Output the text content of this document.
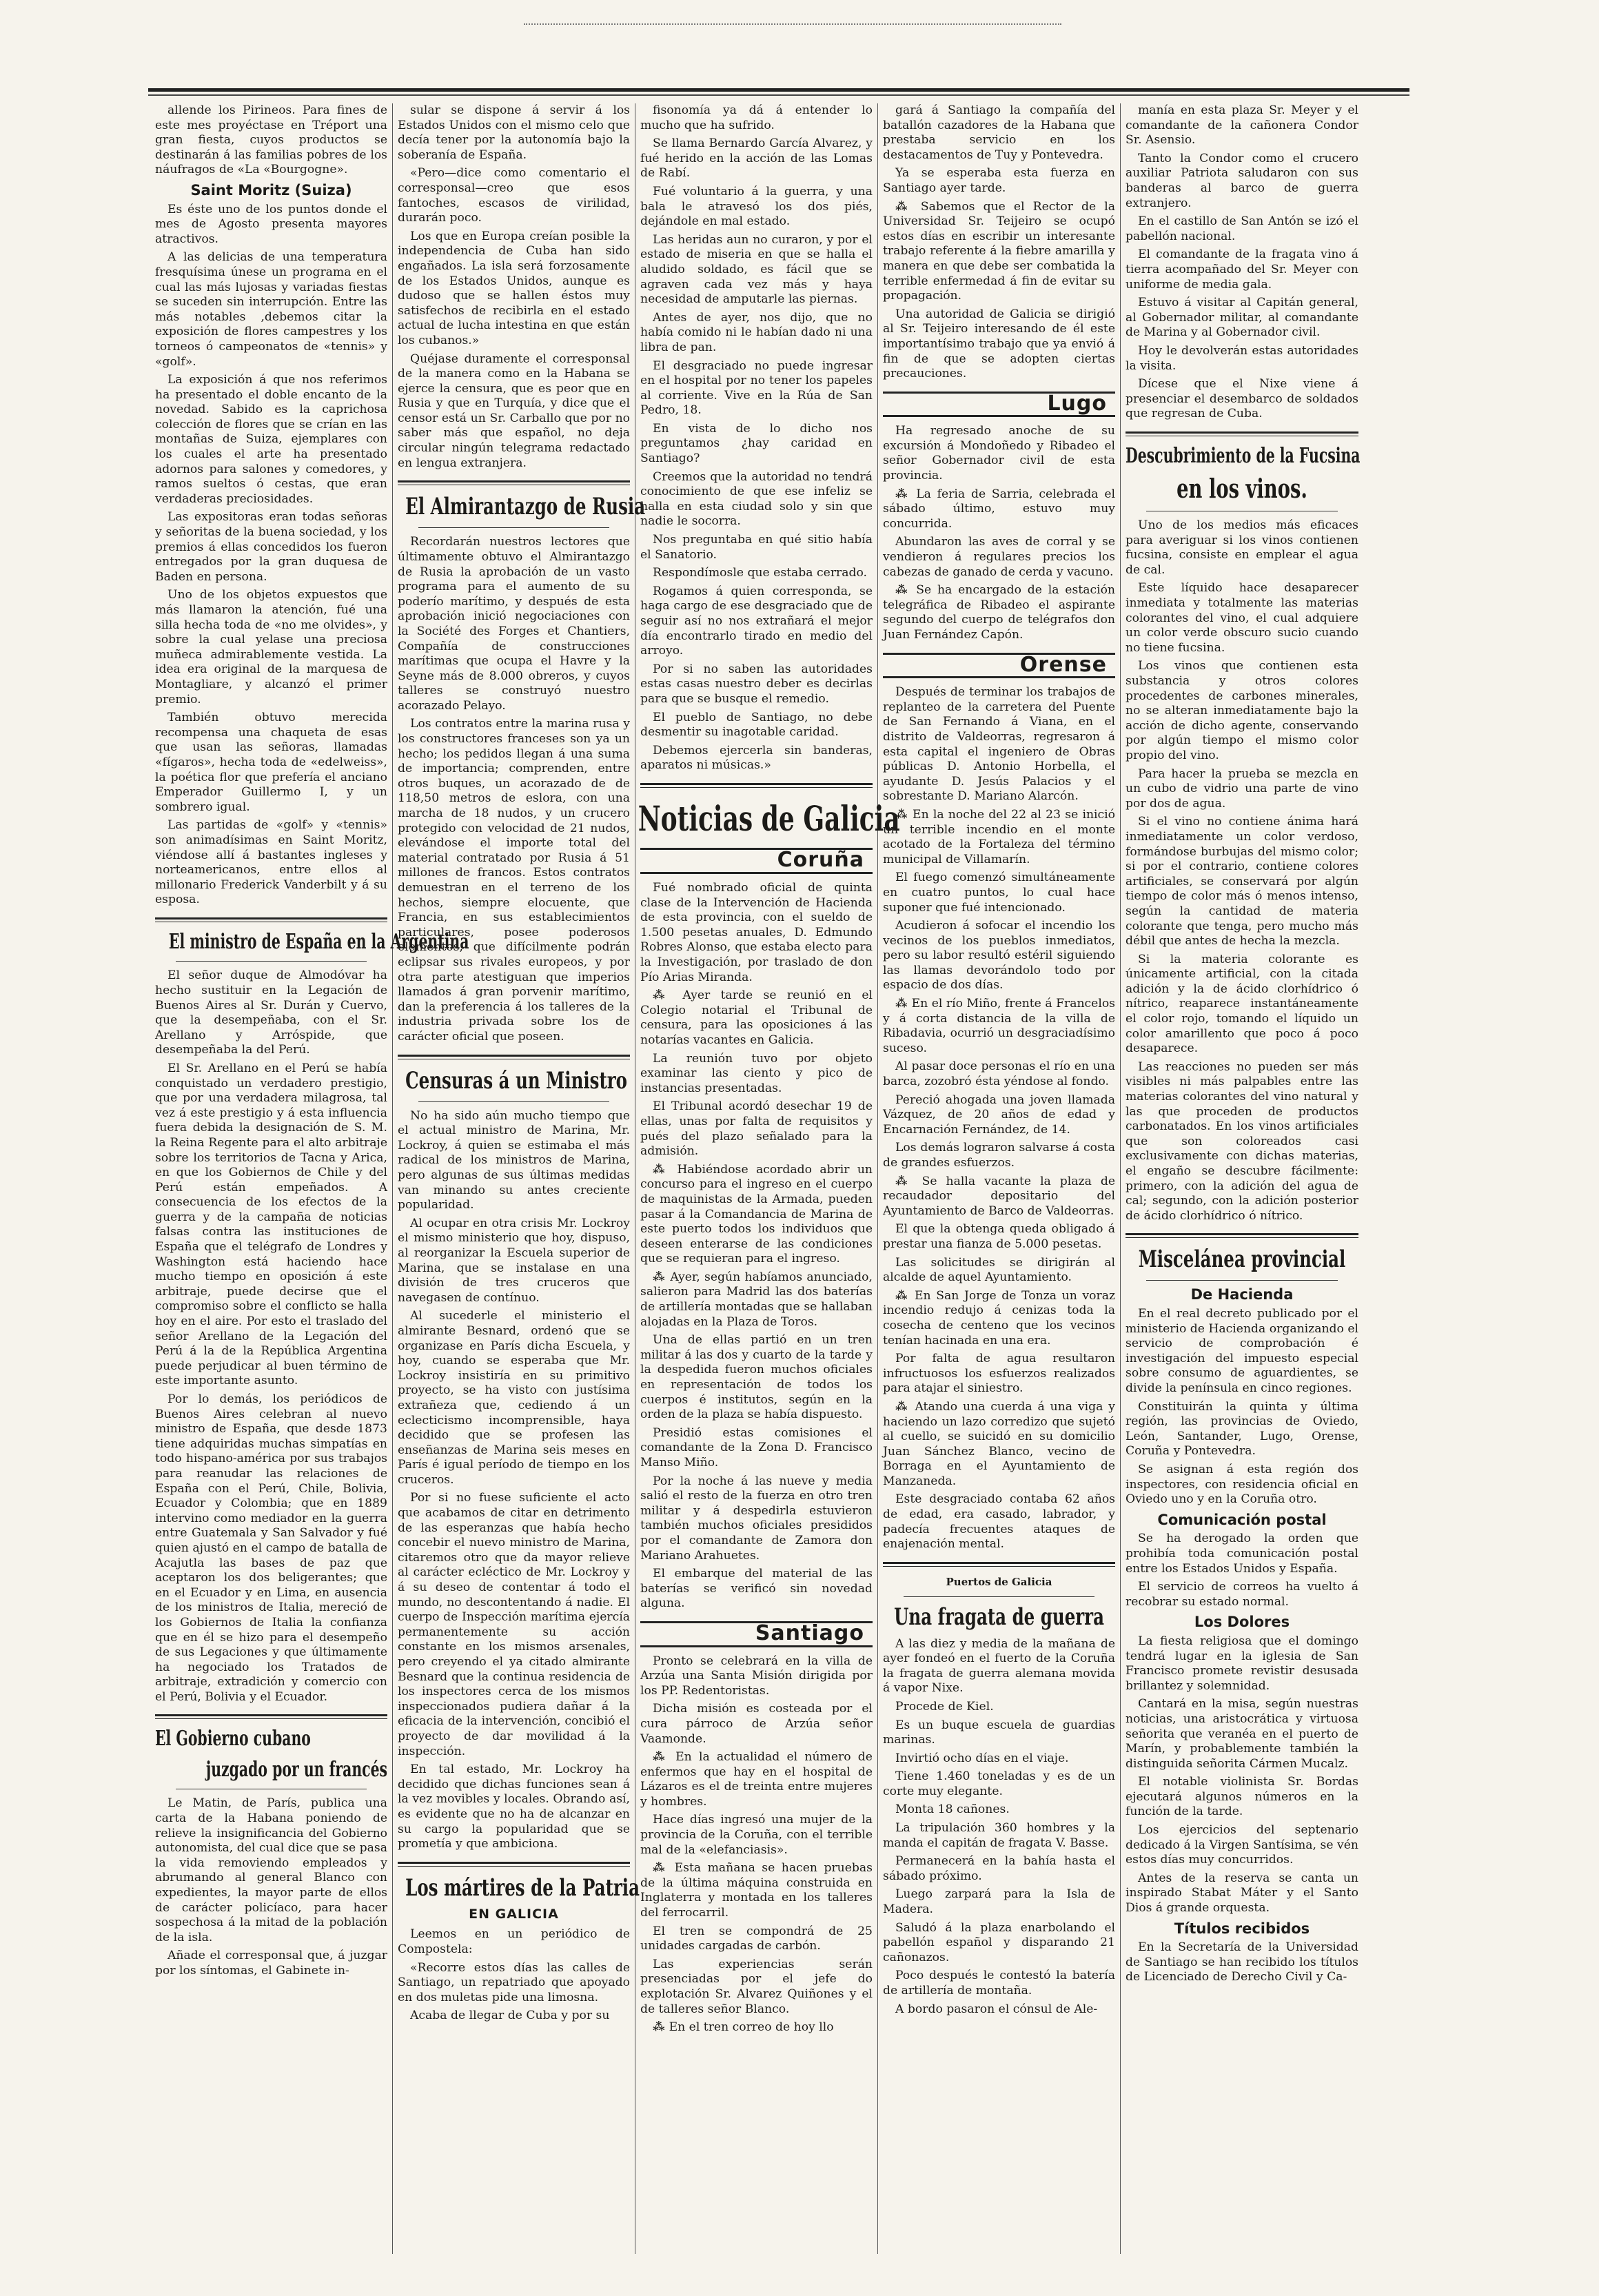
allende los Pirineos. Para fines de este mes proyéctase en Tréport una gran fiesta, cuyos productos se destinarán á las familias pobres de los náufragos de «La «Bourgogne».

Saint Moritz (Suiza)

Es éste uno de los puntos donde el mes de Agosto presenta mayores atractivos.

A las delicias de una temperatura fresquísima únese un programa en el cual las más lujosas y variadas fiestas se suceden sin interrupción. Entre las más notables ,debemos citar la exposición de flores campestres y los torneos ó campeonatos de «tennis» y «golf».

La exposición á que nos referimos ha presentado el doble encanto de la novedad. Sabido es la caprichosa colección de flores que se crían en las montañas de Suiza, ejemplares con los cuales el arte ha presentado adornos para salones y comedores, y ramos sueltos ó cestas, que eran verdaderas preciosidades.

Las expositoras eran todas señoras y señoritas de la buena sociedad, y los premios á ellas concedidos los fueron entregados por la gran duquesa de Baden en persona.

Uno de los objetos expuestos que más llamaron la atención, fué una silla hecha toda de «no me olvides», y sobre la cual yelase una preciosa muñeca admirablemente vestida. La idea era original de la marquesa de Montagliare, y alcanzó el primer premio.

También obtuvo merecida recompensa una chaqueta de esas que usan las señoras, llamadas «fígaros», hecha toda de «edelweiss», la poética flor que prefería el anciano Emperador Guillermo I, y un sombrero igual.

Las partidas de «golf» y «tennis» son animadísimas en Saint Moritz, viéndose allí á bastantes ingleses y norteamericanos, entre ellos al millonario Frederick Vanderbilt y á su esposa.

El ministro de España en la Argentina

El señor duque de Almodóvar ha hecho sustituir en la Legación de Buenos Aires al Sr. Durán y Cuervo, que la desempeñaba, con el Sr. Arellano y Arróspide, que desempeñaba la del Perú.

El Sr. Arellano en el Perú se había conquistado un verdadero prestigio, que por una verdadera milagrosa, tal vez á este prestigio y á esta influencia fuera debida la designación de S. M. la Reina Regente para el alto arbitraje sobre los territorios de Tacna y Arica, en que los Gobiernos de Chile y del Perú están empeñados. A consecuencia de los efectos de la guerra y de la campaña de noticias falsas contra las instituciones de España que el telégrafo de Londres y Washington está haciendo hace mucho tiempo en oposición á este arbitraje, puede decirse que el compromiso sobre el conflicto se halla hoy en el aire. Por esto el traslado del señor Arellano de la Legación del Perú á la de la República Argentina puede perjudicar al buen término de este importante asunto.

Por lo demás, los periódicos de Buenos Aires celebran al nuevo ministro de España, que desde 1873 tiene adquiridas muchas simpatías en todo hispano-américa por sus trabajos para reanudar las relaciones de España con el Perú, Chile, Bolivia, Ecuador y Colombia; que en 1889 intervino como mediador en la guerra entre Guatemala y San Salvador y fué quien ajustó en el campo de batalla de Acajutla las bases de paz que aceptaron los dos beligerantes; que en el Ecuador y en Lima, en ausencia de los ministros de Italia, mereció de los Gobiernos de Italia la confianza que en él se hizo para el desempeño de sus Legaciones y que últimamente ha negociado los Tratados de arbitraje, extradición y comercio con el Perú, Bolivia y el Ecuador.

El Gobierno cubano
juzgado por un francés

Le Matin, de París, publica una carta de la Habana poniendo de relieve la insignificancia del Gobierno autonomista, del cual dice que se pasa la vida removiendo empleados y abrumando al general Blanco con expedientes, la mayor parte de ellos de carácter policíaco, para hacer sospechosa á la mitad de la población de la isla.

Añade el corresponsal que, á juzgar por los síntomas, el Gabinete in-

sular se dispone á servir á los Estados Unidos con el mismo celo que decía tener por la autonomía bajo la soberanía de España.

«Pero—dice como comentario el corresponsal—creo que esos fantoches, escasos de virilidad, durarán poco.

Los que en Europa creían posible la independencia de Cuba han sido engañados. La isla será forzosamente de los Estados Unidos, aunque es dudoso que se hallen éstos muy satisfechos de recibirla en el estado actual de lucha intestina en que están los cubanos.»

Quéjase duramente el corresponsal de la manera como en la Habana se ejerce la censura, que es peor que en Rusia y que en Turquía, y dice que el censor está un Sr. Carballo que por no saber más que español, no deja circular ningún telegrama redactado en lengua extranjera.

El Almirantazgo de Rusia

Recordarán nuestros lectores que últimamente obtuvo el Almirantazgo de Rusia la aprobación de un vasto programa para el aumento de su poderío marítimo, y después de esta aprobación inició negociaciones con la Société des Forges et Chantiers, Compañía de construcciones marítimas que ocupa el Havre y la Seyne más de 8.000 obreros, y cuyos talleres se construyó nuestro acorazado Pelayo.

Los contratos entre la marina rusa y los constructores franceses son ya un hecho; los pedidos llegan á una suma de importancia; comprenden, entre otros buques, un acorazado de de 118,50 metros de eslora, con una marcha de 18 nudos, y un crucero protegido con velocidad de 21 nudos, elevándose el importe total del material contratado por Rusia á 51 millones de francos. Estos contratos demuestran en el terreno de los hechos, siempre elocuente, que Francia, en sus establecimientos particulares, posee poderosos elementos, que difícilmente podrán eclipsar sus rivales europeos, y por otra parte atestiguan que imperios llamados á gran porvenir marítimo, dan la preferencia á los talleres de la industria privada sobre los de carácter oficial que poseen.

Censuras á un Ministro

No ha sido aún mucho tiempo que el actual ministro de Marina, Mr. Lockroy, á quien se estimaba el más radical de los ministros de Marina, pero algunas de sus últimas medidas van minando su antes creciente popularidad.

Al ocupar en otra crisis Mr. Lockroy el mismo ministerio que hoy, dispuso, al reorganizar la Escuela superior de Marina, que se instalase en una división de tres cruceros que navegasen de contínuo.

Al sucederle el ministerio el almirante Besnard, ordenó que se organizase en París dicha Escuela, y hoy, cuando se esperaba que Mr. Lockroy insistiría en su primitivo proyecto, se ha visto con justísima extrañeza que, cediendo á un eclecticismo incomprensible, haya decidido que se profesen las enseñanzas de Marina seis meses en París é igual período de tiempo en los cruceros.

Por si no fuese suficiente el acto que acabamos de citar en detrimento de las esperanzas que había hecho concebir el nuevo ministro de Marina, citaremos otro que da mayor relieve al carácter ecléctico de Mr. Lockroy y á su deseo de contentar á todo el mundo, no descontentando á nadie. El cuerpo de Inspección marítima ejercía permanentemente su acción constante en los mismos arsenales, pero creyendo el ya citado almirante Besnard que la continua residencia de los inspectores cerca de los mismos inspeccionados pudiera dañar á la eficacia de la intervención, concibió el proyecto de dar movilidad á la inspección.

En tal estado, Mr. Lockroy ha decidido que dichas funciones sean á la vez movibles y locales. Obrando así, es evidente que no ha de alcanzar en su cargo la popularidad que se prometía y que ambiciona.

Los mártires de la Patria
EN GALICIA

Leemos en un periódico de Compostela:

«Recorre estos días las calles de Santiago, un repatriado que apoyado en dos muletas pide una limosna.

Acaba de llegar de Cuba y por su

fisonomía ya dá á entender lo mucho que ha sufrido.

Se llama Bernardo García Alvarez, y fué herido en la acción de las Lomas de Rabí.

Fué voluntario á la guerra, y una bala le atravesó los dos piés, dejándole en mal estado.

Las heridas aun no curaron, y por el estado de miseria en que se halla el aludido soldado, es fácil que se agraven cada vez más y haya necesidad de amputarle las piernas.

Antes de ayer, nos dijo, que no había comido ni le habían dado ni una libra de pan.

El desgraciado no puede ingresar en el hospital por no tener los papeles al corriente. Vive en la Rúa de San Pedro, 18.

En vista de lo dicho nos preguntamos ¿hay caridad en Santiago?

Creemos que la autoridad no tendrá conocimiento de que ese infeliz se halla en esta ciudad solo y sin que nadie le socorra.

Nos preguntaba en qué sitio había el Sanatorio.

Respondímosle que estaba cerrado.

Rogamos á quien corresponda, se haga cargo de ese desgraciado que de seguir así no nos extrañará el mejor día encontrarlo tirado en medio del arroyo.

Por si no saben las autoridades estas casas nuestro deber es decirlas para que se busque el remedio.

El pueblo de Santiago, no debe desmentir su inagotable caridad.

Debemos ejercerla sin banderas, aparatos ni músicas.»

Noticias de Galicia
Coruña

Fué nombrado oficial de quinta clase de la Intervención de Hacienda de esta provincia, con el sueldo de 1.500 pesetas anuales, D. Edmundo Robres Alonso, que estaba electo para la Investigación, por traslado de don Pío Arias Miranda.

⁂ Ayer tarde se reunió en el Colegio notarial el Tribunal de censura, para las oposiciones á las notarías vacantes en Galicia.

La reunión tuvo por objeto examinar las ciento y pico de instancias presentadas.

El Tribunal acordó desechar 19 de ellas, unas por falta de requisitos y pués del plazo señalado para la admisión.

⁂ Habiéndose acordado abrir un concurso para el ingreso en el cuerpo de maquinistas de la Armada, pueden pasar á la Comandancia de Marina de este puerto todos los individuos que deseen enterarse de las condiciones que se requieran para el ingreso.

⁂ Ayer, según habíamos anunciado, salieron para Madrid las dos baterías de artillería montadas que se hallaban alojadas en la Plaza de Toros.

Una de ellas partió en un tren militar á las dos y cuarto de la tarde y la despedida fueron muchos oficiales en representación de todos los cuerpos é institutos, según en la orden de la plaza se había dispuesto.

Presidió estas comisiones el comandante de la Zona D. Francisco Manso Miño.

Por la noche á las nueve y media salió el resto de la fuerza en otro tren militar y á despedirla estuvieron también muchos oficiales presididos por el comandante de Zamora don Mariano Arahuetes.

El embarque del material de las baterías se verificó sin novedad alguna.

Santiago

Pronto se celebrará en la villa de Arzúa una Santa Misión dirigida por los PP. Redentoristas.

Dicha misión es costeada por el cura párroco de Arzúa señor Vaamonde.

⁂ En la actualidad el número de enfermos que hay en el hospital de Lázaros es el de treinta entre mujeres y hombres.

Hace días ingresó una mujer de la provincia de la Coruña, con el terrible mal de la «elefanciasis».

⁂ Esta mañana se hacen pruebas de la última máquina construida en Inglaterra y montada en los talleres del ferrocarril.

El tren se compondrá de 25 unidades cargadas de carbón.

Las experiencias serán presenciadas por el jefe do explotación Sr. Alvarez Quiñones y el de talleres señor Blanco.

⁂ En el tren correo de hoy llo

gará á Santiago la compañía del batallón cazadores de la Habana que prestaba servicio en los destacamentos de Tuy y Pontevedra.

Ya se esperaba esta fuerza en Santiago ayer tarde.

⁂ Sabemos que el Rector de la Universidad Sr. Teijeiro se ocupó estos días en escribir un interesante trabajo referente á la fiebre amarilla y manera en que debe ser combatida la terrible enfermedad á fin de evitar su propagación.

Una autoridad de Galicia se dirigió al Sr. Teijeiro interesando de él este importantísimo trabajo que ya envió á fin de que se adopten ciertas precauciones.

Lugo

Ha regresado anoche de su excursión á Mondoñedo y Ribadeo el señor Gobernador civil de esta provincia.

⁂ La feria de Sarria, celebrada el sábado último, estuvo muy concurrida.

Abundaron las aves de corral y se vendieron á regulares precios los cabezas de ganado de cerda y vacuno.

⁂ Se ha encargado de la estación telegráfica de Ribadeo el aspirante segundo del cuerpo de telégrafos don Juan Fernández Capón.

Orense

Después de terminar los trabajos de replanteo de la carretera del Puente de San Fernando á Viana, en el distrito de Valdeorras, regresaron á esta capital el ingeniero de Obras públicas D. Antonio Horbella, el ayudante D. Jesús Palacios y el sobrestante D. Mariano Alarcón.

⁂ En la noche del 22 al 23 se inició un terrible incendio en el monte acotado de la Fortaleza del término municipal de Villamarín.

El fuego comenzó simultáneamente en cuatro puntos, lo cual hace suponer que fué intencionado.

Acudieron á sofocar el incendio los vecinos de los pueblos inmediatos, pero su labor resultó estéril siguiendo las llamas devorándolo todo por espacio de dos días.

⁂ En el río Miño, frente á Francelos y á corta distancia de la villa de Ribadavia, ocurrió un desgraciadísimo suceso.

Al pasar doce personas el río en una barca, zozobró ésta yéndose al fondo.

Pereció ahogada una joven llamada Vázquez, de 20 años de edad y Encarnación Fernández, de 14.

Los demás lograron salvarse á costa de grandes esfuerzos.

⁂ Se halla vacante la plaza de recaudador depositario del Ayuntamiento de Barco de Valdeorras.

El que la obtenga queda obligado á prestar una fianza de 5.000 pesetas.

Las solicitudes se dirigirán al alcalde de aquel Ayuntamiento.

⁂ En San Jorge de Tonza un voraz incendio redujo á cenizas toda la cosecha de centeno que los vecinos tenían hacinada en una era.

Por falta de agua resultaron infructuosos los esfuerzos realizados para atajar el siniestro.

⁂ Atando una cuerda á una viga y haciendo un lazo corredizo que sujetó al cuello, se suicidó en su domicilio Juan Sánchez Blanco, vecino de Borraga en el Ayuntamiento de Manzaneda.

Este desgraciado contaba 62 años de edad, era casado, labrador, y padecía frecuentes ataques de enajenación mental.

Puertos de Galicia
Una fragata de guerra

A las diez y media de la mañana de ayer fondeó en el fuerto de la Coruña la fragata de guerra alemana movida á vapor Nixe.

Procede de Kiel.

Es un buque escuela de guardias marinas.

Invirtió ocho días en el viaje.

Tiene 1.460 toneladas y es de un corte muy elegante.

Monta 18 cañones.

La tripulación 360 hombres y la manda el capitán de fragata V. Basse.

Permanecerá en la bahía hasta el sábado próximo.

Luego zarpará para la Isla de Madera.

Saludó á la plaza enarbolando el pabellón español y disparando 21 cañonazos.

Poco después le contestó la batería de artillería de montaña.

A bordo pasaron el cónsul de Ale-

manía en esta plaza Sr. Meyer y el comandante de la cañonera Condor Sr. Asensio.

Tanto la Condor como el crucero auxiliar Patriota saludaron con sus banderas al barco de guerra extranjero.

En el castillo de San Antón se izó el pabellón nacional.

El comandante de la fragata vino á tierra acompañado del Sr. Meyer con uniforme de media gala.

Estuvo á visitar al Capitán general, al Gobernador militar, al comandante de Marina y al Gobernador civil.

Hoy le devolverán estas autoridades la visita.

Dícese que el Nixe viene á presenciar el desembarco de soldados que regresan de Cuba.

Descubrimiento de la Fucsina
en los vinos.

Uno de los medios más eficaces para averiguar si los vinos contienen fucsina, consiste en emplear el agua de cal.

Este líquido hace desaparecer inmediata y totalmente las materias colorantes del vino, el cual adquiere un color verde obscuro sucio cuando no tiene fucsina.

Los vinos que contienen esta substancia y otros colores procedentes de carbones minerales, no se alteran inmediatamente bajo la acción de dicho agente, conservando por algún tiempo el mismo color propio del vino.

Para hacer la prueba se mezcla en un cubo de vidrio una parte de vino por dos de agua.

Si el vino no contiene ánima hará inmediatamente un color verdoso, formándose burbujas del mismo color; si por el contrario, contiene colores artificiales, se conservará por algún tiempo de color más ó menos intenso, según la cantidad de materia colorante que tenga, pero mucho más débil que antes de hecha la mezcla.

Si la materia colorante es únicamente artificial, con la citada adición y la de ácido clorhídrico ó nítrico, reaparece instantáneamente el color rojo, tomando el líquido un color amarillento que poco á poco desaparece.

Las reacciones no pueden ser más visibles ni más palpables entre las materias colorantes del vino natural y las que proceden de productos carbonatados. En los vinos artificiales que son coloreados casi exclusivamente con dichas materias, el engaño se descubre fácilmente: primero, con la adición del agua de cal; segundo, con la adición posterior de ácido clorhídrico ó nítrico.

Miscelánea provincial
De Hacienda

En el real decreto publicado por el ministerio de Hacienda organizando el servicio de comprobación é investigación del impuesto especial sobre consumo de aguardientes, se divide la península en cinco regiones.

Constituirán la quinta y última región, las provincias de Oviedo, León, Santander, Lugo, Orense, Coruña y Pontevedra.

Se asignan á esta región dos inspectores, con residencia oficial en Oviedo uno y en la Coruña otro.

Comunicación postal

Se ha derogado la orden que prohibía toda comunicación postal entre los Estados Unidos y España.

El servicio de correos ha vuelto á recobrar su estado normal.

Los Dolores

La fiesta religiosa que el domingo tendrá lugar en la iglesia de San Francisco promete revistir desusada brillantez y solemnidad.

Cantará en la misa, según nuestras noticias, una aristocrática y virtuosa señorita que veranéa en el puerto de Marín, y probablemente también la distinguida señorita Cármen Mucalz.

El notable violinista Sr. Bordas ejecutará algunos números en la función de la tarde.

Los ejercicios del septenario dedicado á la Virgen Santísima, se vén estos días muy concurridos.

Antes de la reserva se canta un inspirado Stabat Máter y el Santo Dios á grande orquesta.

Títulos recibidos

En la Secretaría de la Universidad de Santiago se han recibido los títulos de Licenciado de Derecho Civil y Ca-
